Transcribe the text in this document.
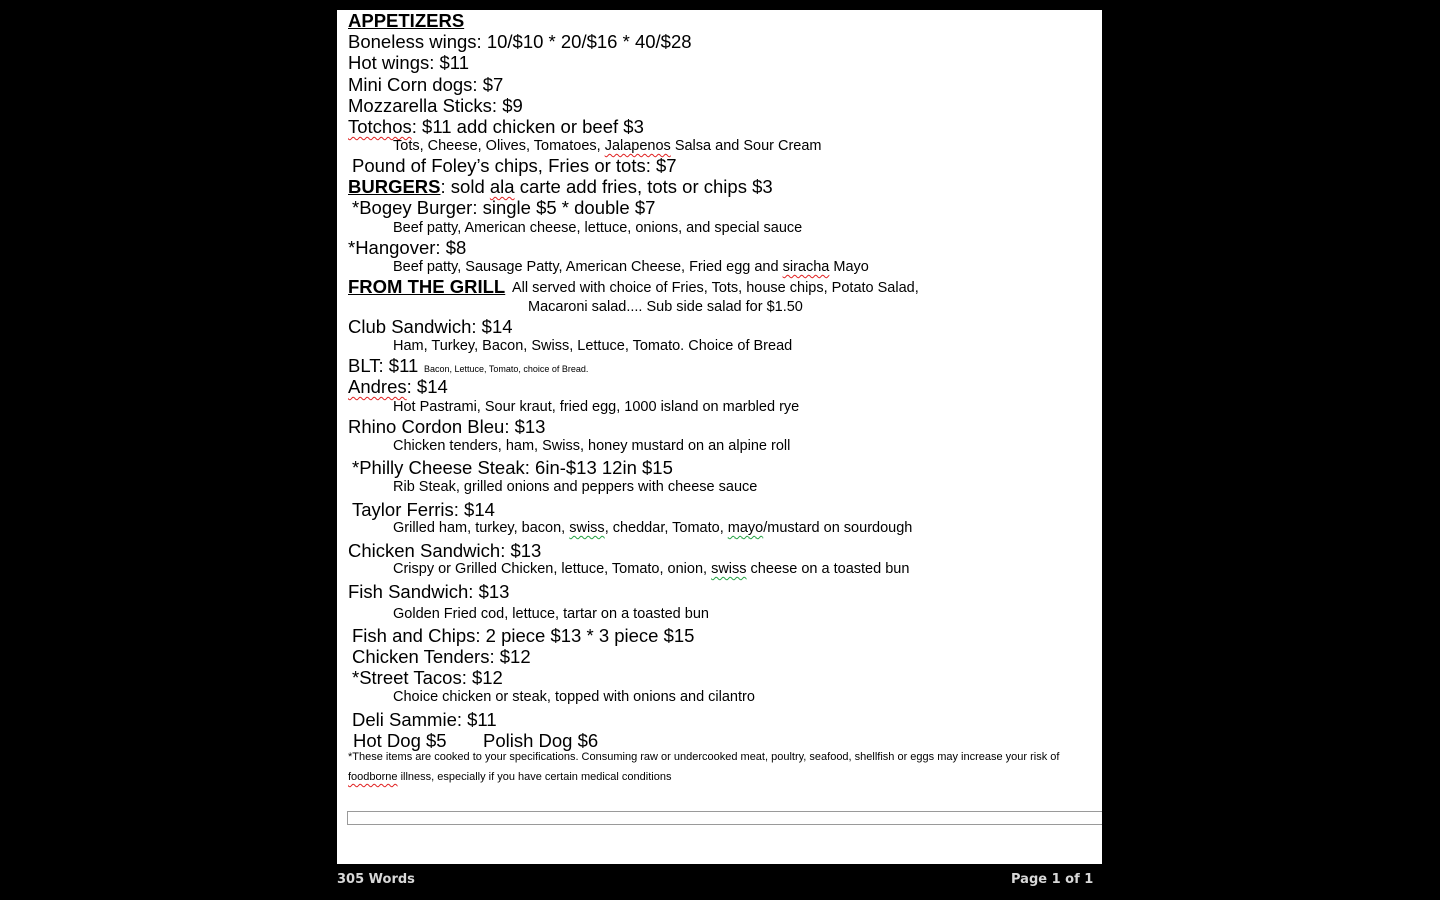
APPETIZERS
Boneless wings: 10/$10 * 20/$16 * 40/$28
Hot wings: $11
Mini Corn dogs: $7
Mozzarella Sticks: $9
Totchos: $11 add chicken or beef $3
Tots, Cheese, Olives, Tomatoes, Jalapenos Salsa and Sour Cream
Pound of Foley’s chips, Fries or tots: $7
BURGERS: sold ala carte add fries, tots or chips $3
*Bogey Burger: single $5 * double $7
Beef patty, American cheese, lettuce, onions, and special sauce
*Hangover: $8
Beef patty, Sausage Patty, American Cheese, Fried egg and siracha Mayo
FROM THE GRILL All served with choice of Fries, Tots, house chips, Potato Salad,
Macaroni salad.... Sub side salad for $1.50
Club Sandwich: $14
Ham, Turkey, Bacon, Swiss, Lettuce, Tomato. Choice of Bread
BLT: $11 Bacon, Lettuce, Tomato, choice of Bread.
Andres: $14
Hot Pastrami, Sour kraut, fried egg, 1000 island on marbled rye
Rhino Cordon Bleu: $13
Chicken tenders, ham, Swiss, honey mustard on an alpine roll
*Philly Cheese Steak: 6in-$13 12in $15
Rib Steak, grilled onions and peppers with cheese sauce
Taylor Ferris: $14
Grilled ham, turkey, bacon, swiss, cheddar, Tomato, mayo/mustard on sourdough
Chicken Sandwich: $13
Crispy or Grilled Chicken, lettuce, Tomato, onion, swiss cheese on a toasted bun
Fish Sandwich: $13
Golden Fried cod, lettuce, tartar on a toasted bun
Fish and Chips: 2 piece $13 * 3 piece $15
Chicken Tenders: $12
*Street Tacos: $12
Choice chicken or steak, topped with onions and cilantro
Deli Sammie: $11
Hot Dog $5 Polish Dog $6
*These items are cooked to your specifications. Consuming raw or undercooked meat, poultry, seafood, shellfish or eggs may increase your risk of
foodborne illness, especially if you have certain medical conditions
305 Words	Page 1 of 1
